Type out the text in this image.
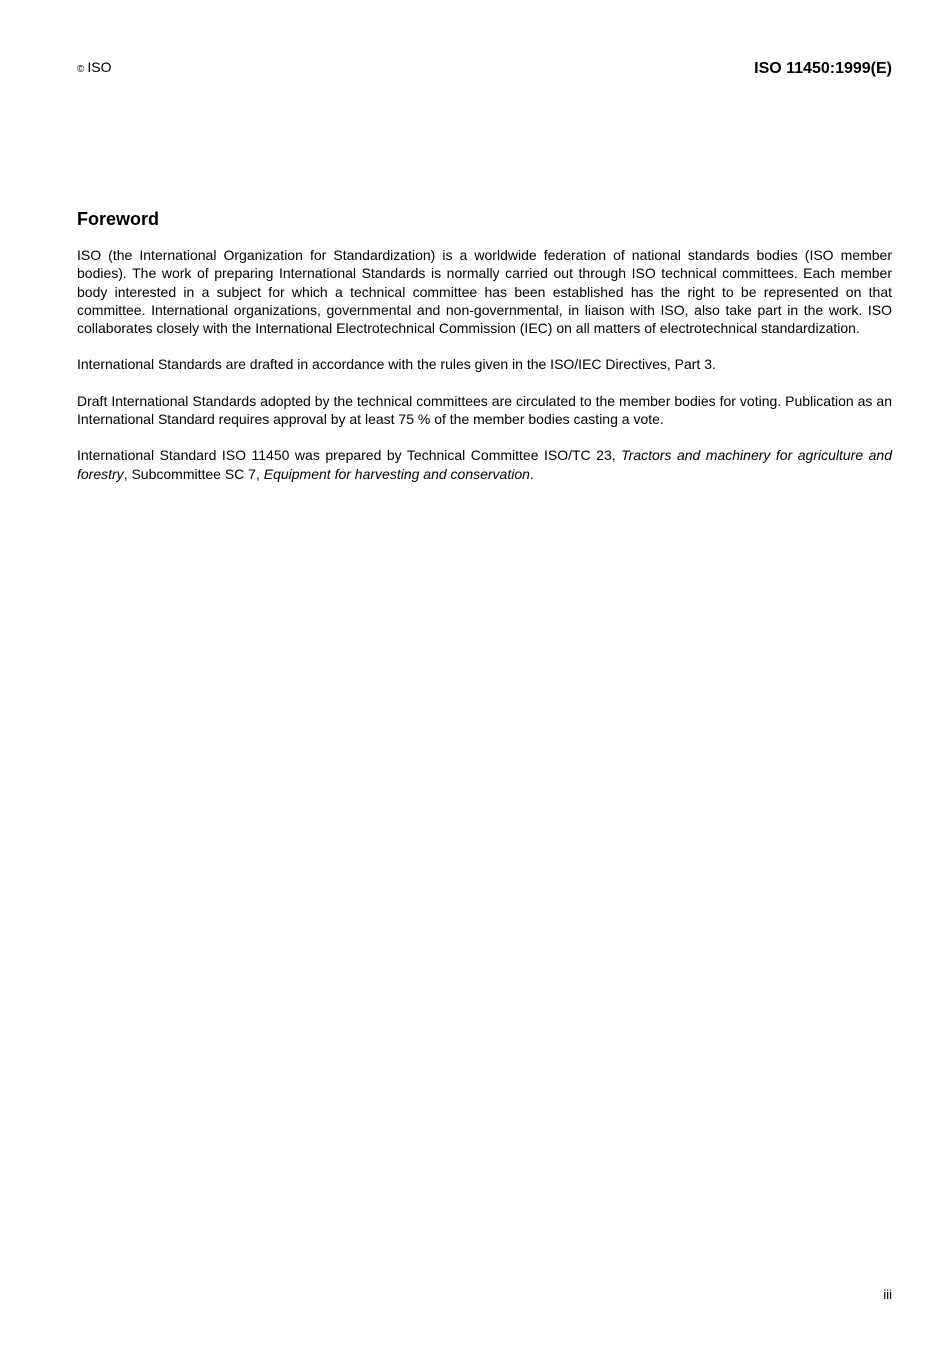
© ISO	ISO 11450:1999(E)
Foreword

ISO (the International Organization for Standardization) is a worldwide federation of national standards bodies (ISO member bodies). The work of preparing International Standards is normally carried out through ISO technical committees. Each member body interested in a subject for which a technical committee has been established has the right to be represented on that committee. International organizations, governmental and non-governmental, in liaison with ISO, also take part in the work. ISO collaborates closely with the International Electrotechnical Commission (IEC) on all matters of electrotechnical standardization.

International Standards are drafted in accordance with the rules given in the ISO/IEC Directives, Part 3.

Draft International Standards adopted by the technical committees are circulated to the member bodies for voting. Publication as an International Standard requires approval by at least 75 % of the member bodies casting a vote.

International Standard ISO 11450 was prepared by Technical Committee ISO/TC 23, Tractors and machinery for agriculture and forestry, Subcommittee SC 7, Equipment for harvesting and conservation.

iii
